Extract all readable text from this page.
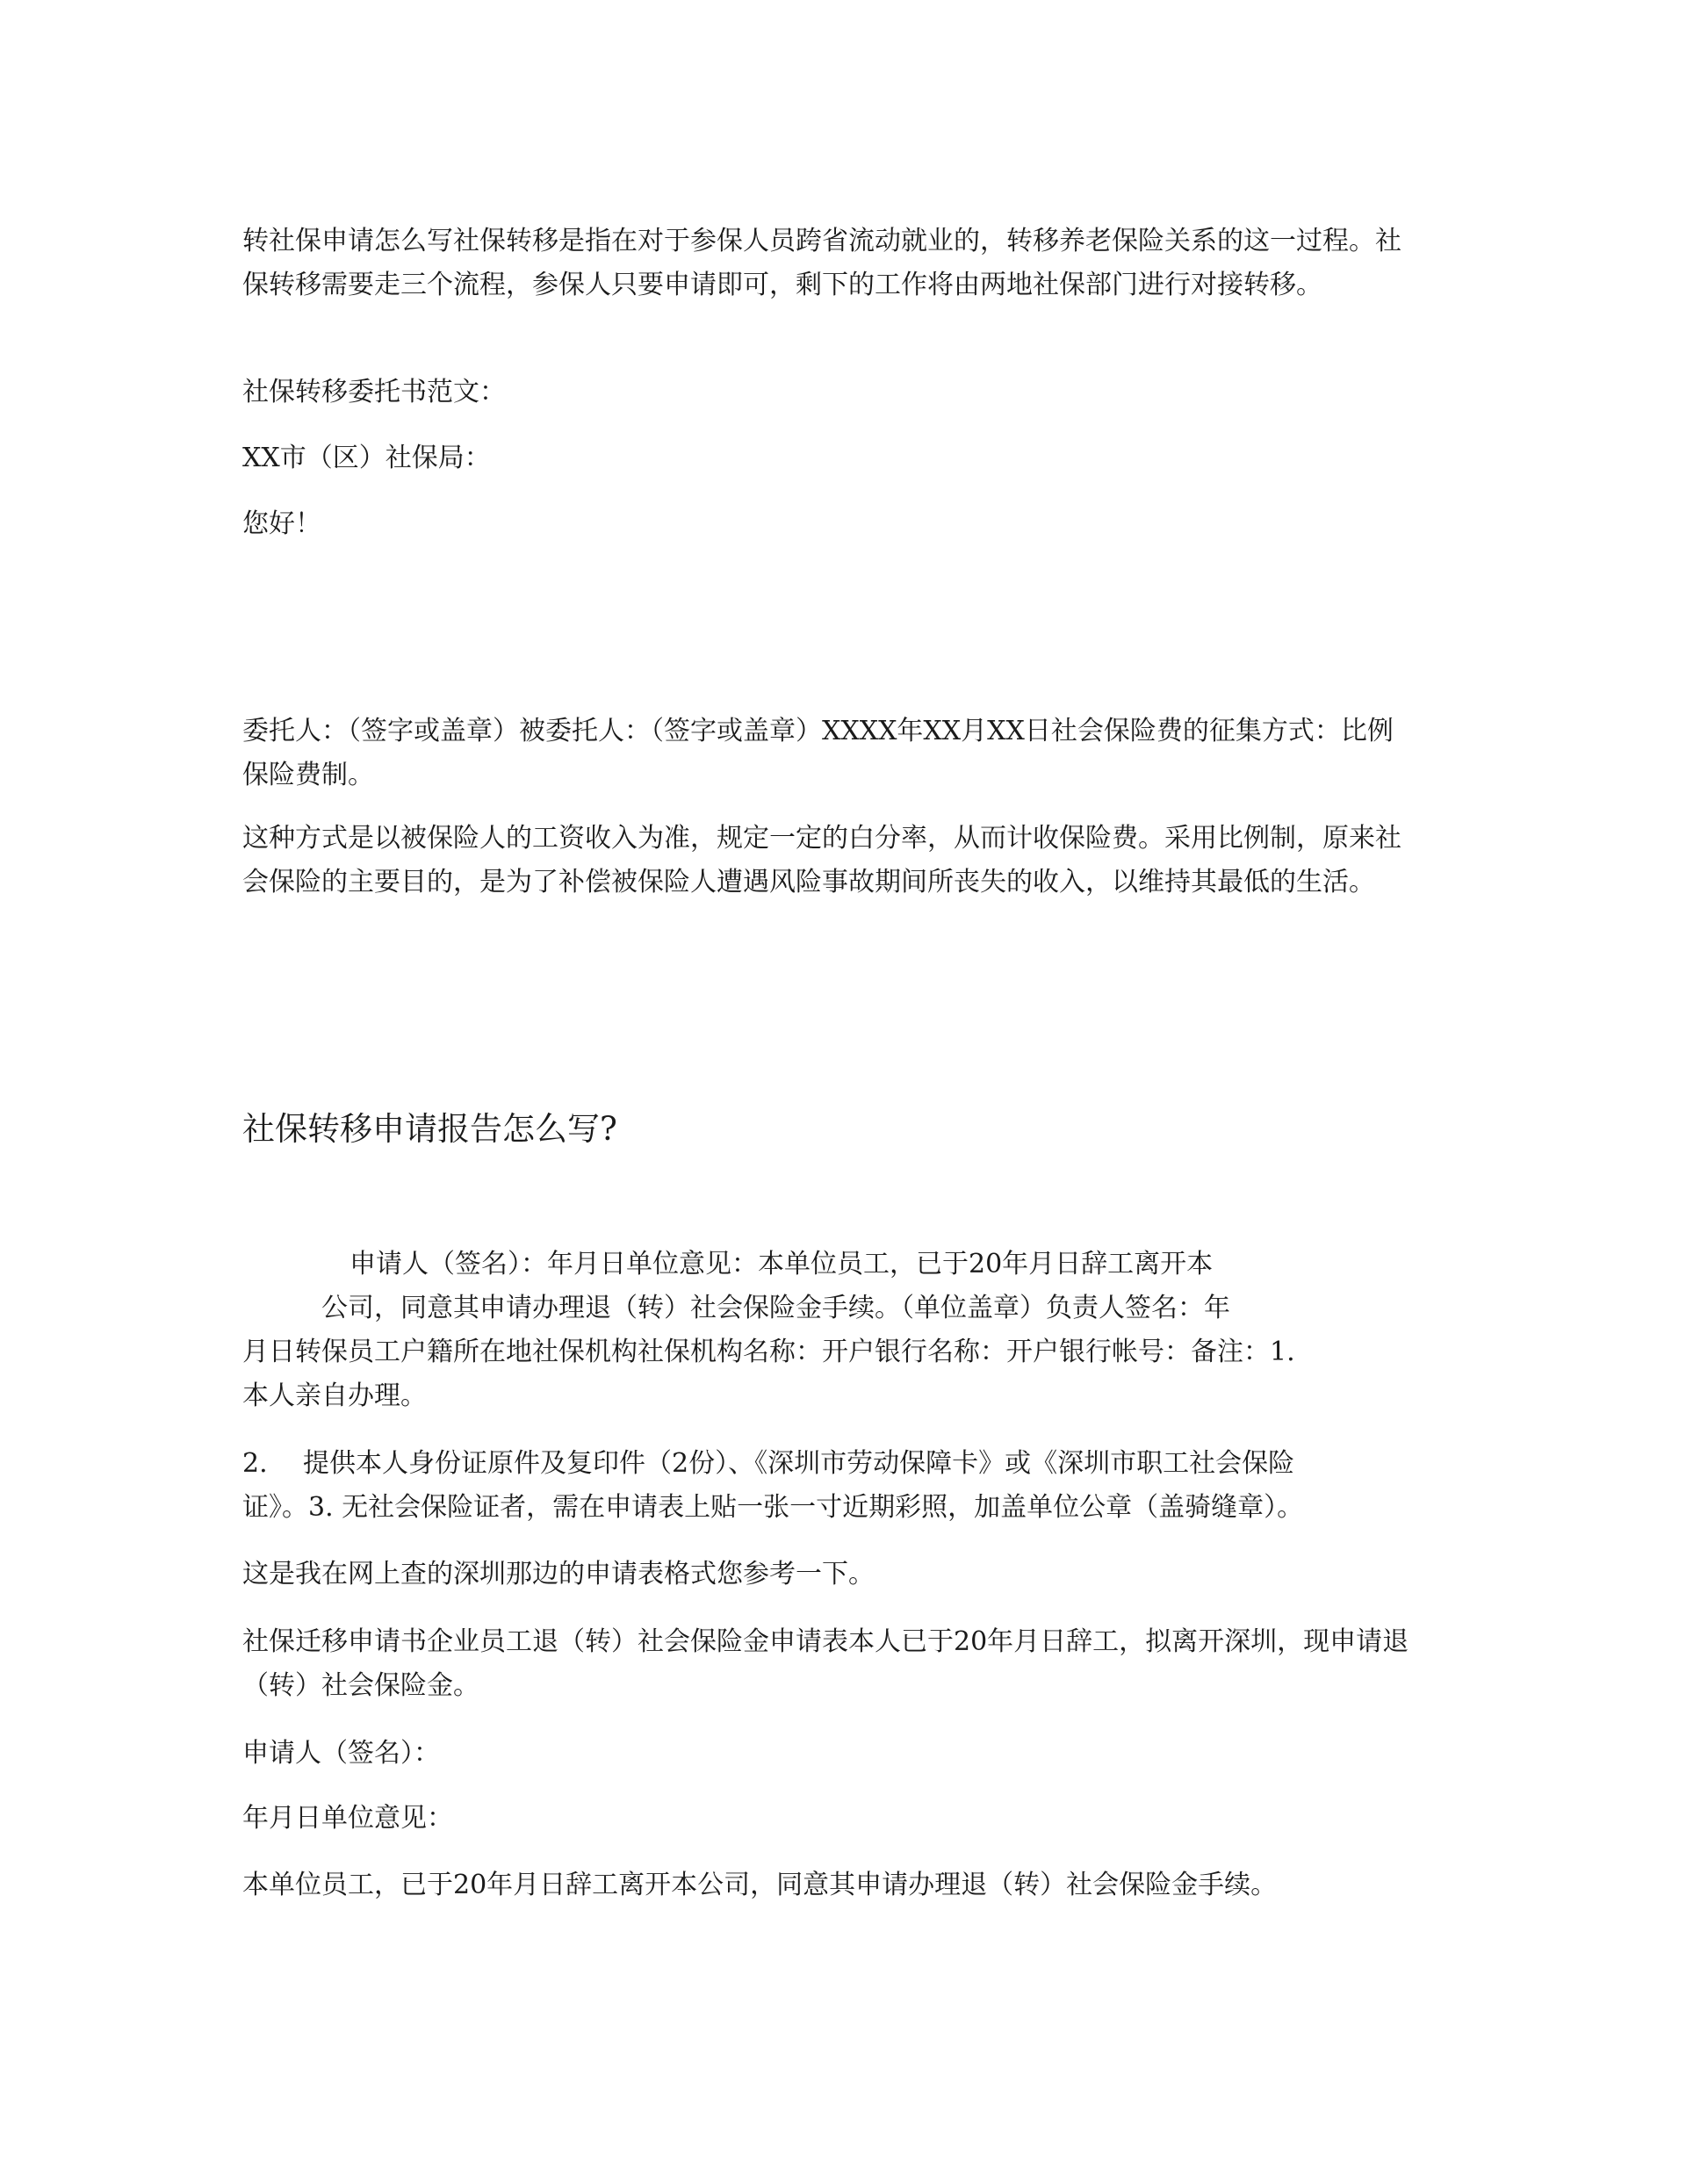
转社保申请怎么写社保转移是指在对于参保人员跨省流动就业的，转移养老保险关系的这一过程。社保转移需要走三个流程，参保人只要申请即可，剩下的工作将由两地社保部门进行对接转移。

社保转移委托书范文：

XX市（区）社保局：

您好！

委托人：（签字或盖章）被委托人：（签字或盖章）XXXX年XX月XX日社会保险费的征集方式：比例保险费制。

这种方式是以被保险人的工资收入为准，规定一定的白分率，从而计收保险费。采用比例制，原来社会保险的主要目的，是为了补偿被保险人遭遇风险事故期间所丧失的收入，以维持其最低的生活。

社保转移申请报告怎么写?

申请人（签名）：年月日单位意见：本单位员工，已于20年月日辞工离开本

公司，同意其申请办理退（转）社会保险金手续。（单位盖章）负责人签名：年

月日转保员工户籍所在地社保机构社保机构名称：开户银行名称：开户银行帐号：备注：1.

本人亲自办理。

2. 提供本人身份证原件及复印件（2份）、《深圳市劳动保障卡》或《深圳市职工社会保险

证》。3. 无社会保险证者，需在申请表上贴一张一寸近期彩照，加盖单位公章（盖骑缝章）。

这是我在网上查的深圳那边的申请表格式您参考一下。

社保迁移申请书企业员工退（转）社会保险金申请表本人已于20年月日辞工，拟离开深圳，现申请退（转）社会保险金。

申请人（签名）：

年月日单位意见：

本单位员工，已于20年月日辞工离开本公司，同意其申请办理退（转）社会保险金手续。
